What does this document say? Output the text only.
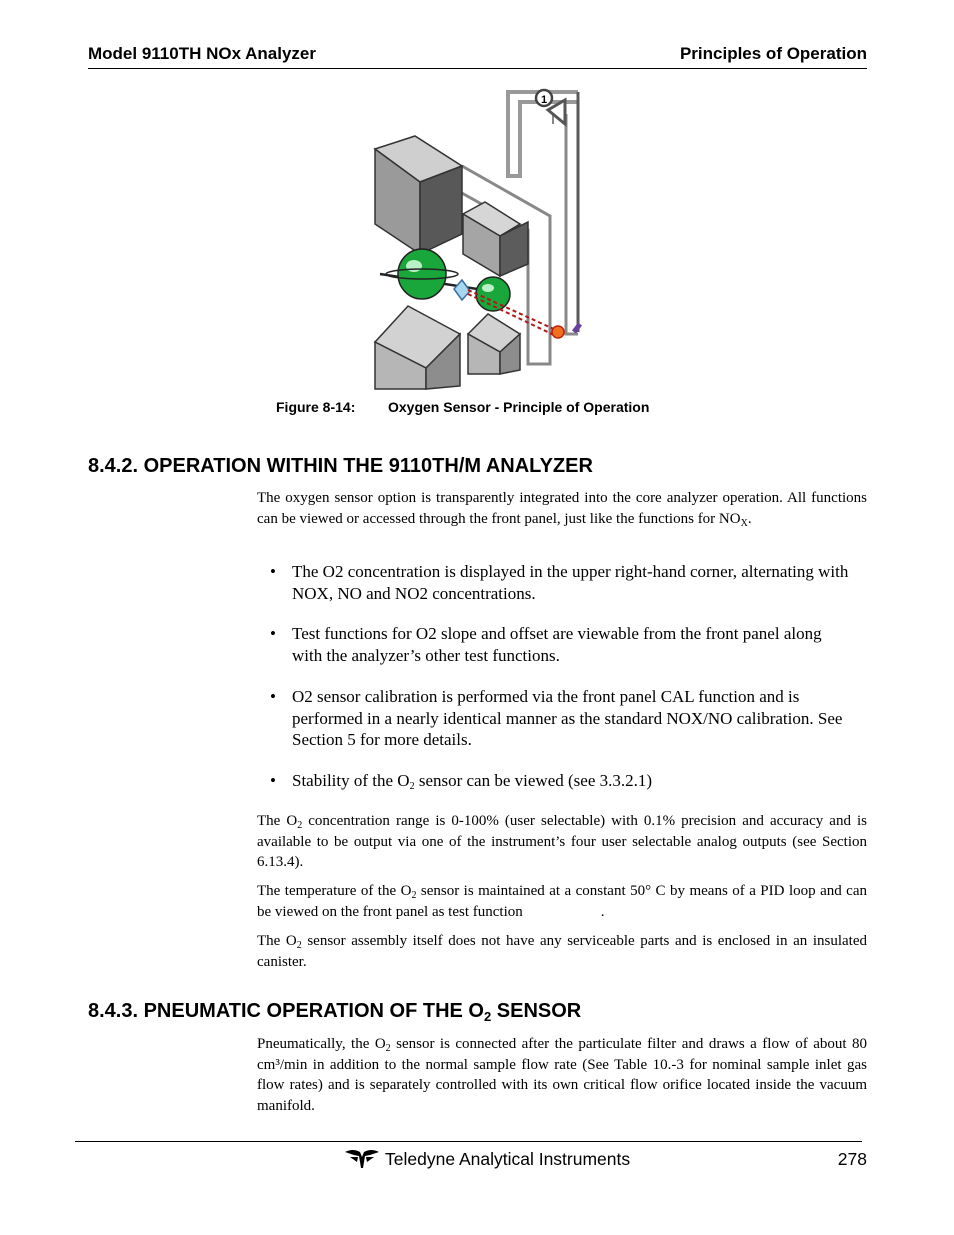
Model 9110TH NOx Analyzer	Principles of Operation
1
Figure 8-14: Oxygen Sensor - Principle of Operation
8.4.2. OPERATION WITHIN THE 9110TH/M ANALYZER

The oxygen sensor option is transparently integrated into the core analyzer operation. All functions can be viewed or accessed through the front panel, just like the functions for $NO_X$.

• The O2 concentration is displayed in the upper right-hand corner, alternating with NOX, NO and NO2 concentrations.
• Test functions for O2 slope and offset are viewable from the front panel along with the analyzer’s other test functions.
• O2 sensor calibration is performed via the front panel CAL function and is performed in a nearly identical manner as the standard NOX/NO calibration. See Section 5 for more details.
• Stability of the $O_2$ sensor can be viewed (see 3.3.2.1)

The $O_2$ concentration range is 0-100% (user selectable) with 0.1% precision and accuracy and is available to be output via one of the instrument’s four user selectable analog outputs (see Section 6.13.4).

The temperature of the $O_2$ sensor is maintained at a constant 50° C by means of a PID loop and can be viewed on the front panel as test function	.

The $O_2$ sensor assembly itself does not have any serviceable parts and is enclosed in an insulated canister.

8.4.3. PNEUMATIC OPERATION OF THE $O_2$ SENSOR

Pneumatically, the $O_2$ sensor is connected after the particulate filter and draws a flow of about 80 cm³/min in addition to the normal sample flow rate (See Table 10.-3 for nominal sample inlet gas flow rates) and is separately controlled with its own critical flow orifice located inside the vacuum manifold.

Teledyne Analytical Instruments	278
